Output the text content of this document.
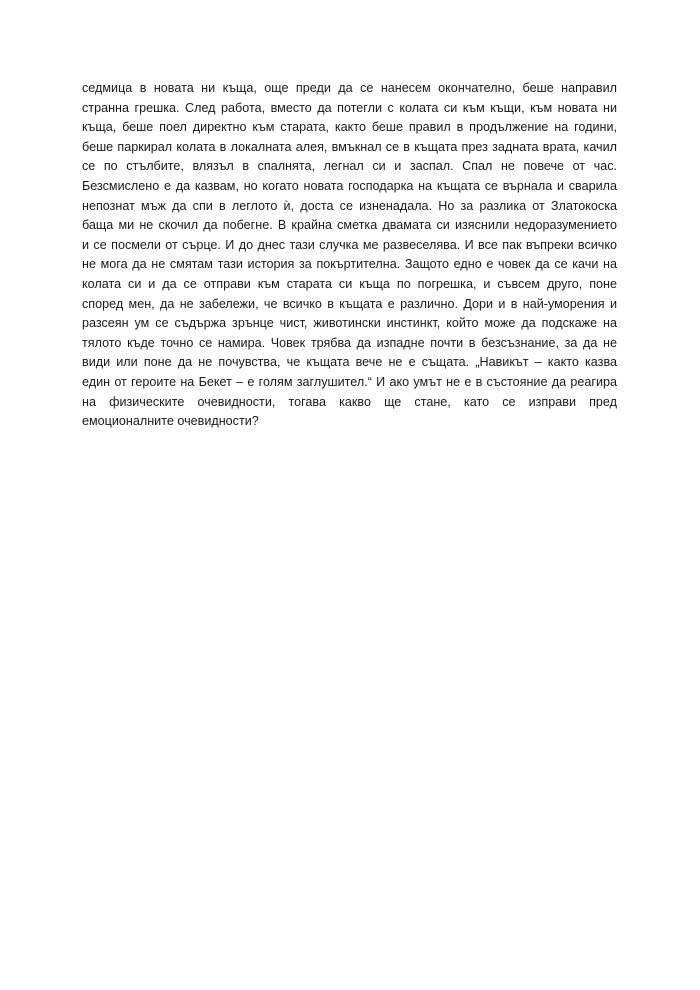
седмица в новата ни къща, още преди да се нанесем окончателно, беше направил
странна грешка. След работа, вместо да потегли с колата си към къщи, към новата ни
къща, беше поел директно към старата, както беше правил в продължение на години,
беше паркирал колата в локалната алея, вмъкнал се в къщата през задната врата, качил
се по стълбите, влязъл в спалнята, легнал си и заспал. Спал не повече от час.
Безсмислено е да казвам, но когато новата господарка на къщата се върнала и сварила
непознат мъж да спи в леглото ѝ, доста се изненадала. Но за разлика от Златокоска
баща ми не скочил да побегне. В крайна сметка двамата си изяснили недоразумението
и се посмели от сърце. И до днес тази случка ме развеселява. И все пак въпреки всичко
не мога да не смятам тази история за покъртителна. Защото едно е човек да се качи на
колата си и да се отправи към старата си къща по погрешка, и съвсем друго, поне
според мен, да не забележи, че всичко в къщата е различно. Дори и в най-уморения и
разсеян ум се съдържа зрънце чист, животински инстинкт, който може да подскаже на
тялото къде точно се намира. Човек трябва да изпадне почти в безсъзнание, за да не
види или поне да не почувства, че къщата вече не е същата. „Навикът – както казва
един от героите на Бекет – е голям заглушител.“ И ако умът не е в състояние да реагира
на физическите очевидности, тогава какво ще стане, като се изправи пред
емоционалните очевидности?
